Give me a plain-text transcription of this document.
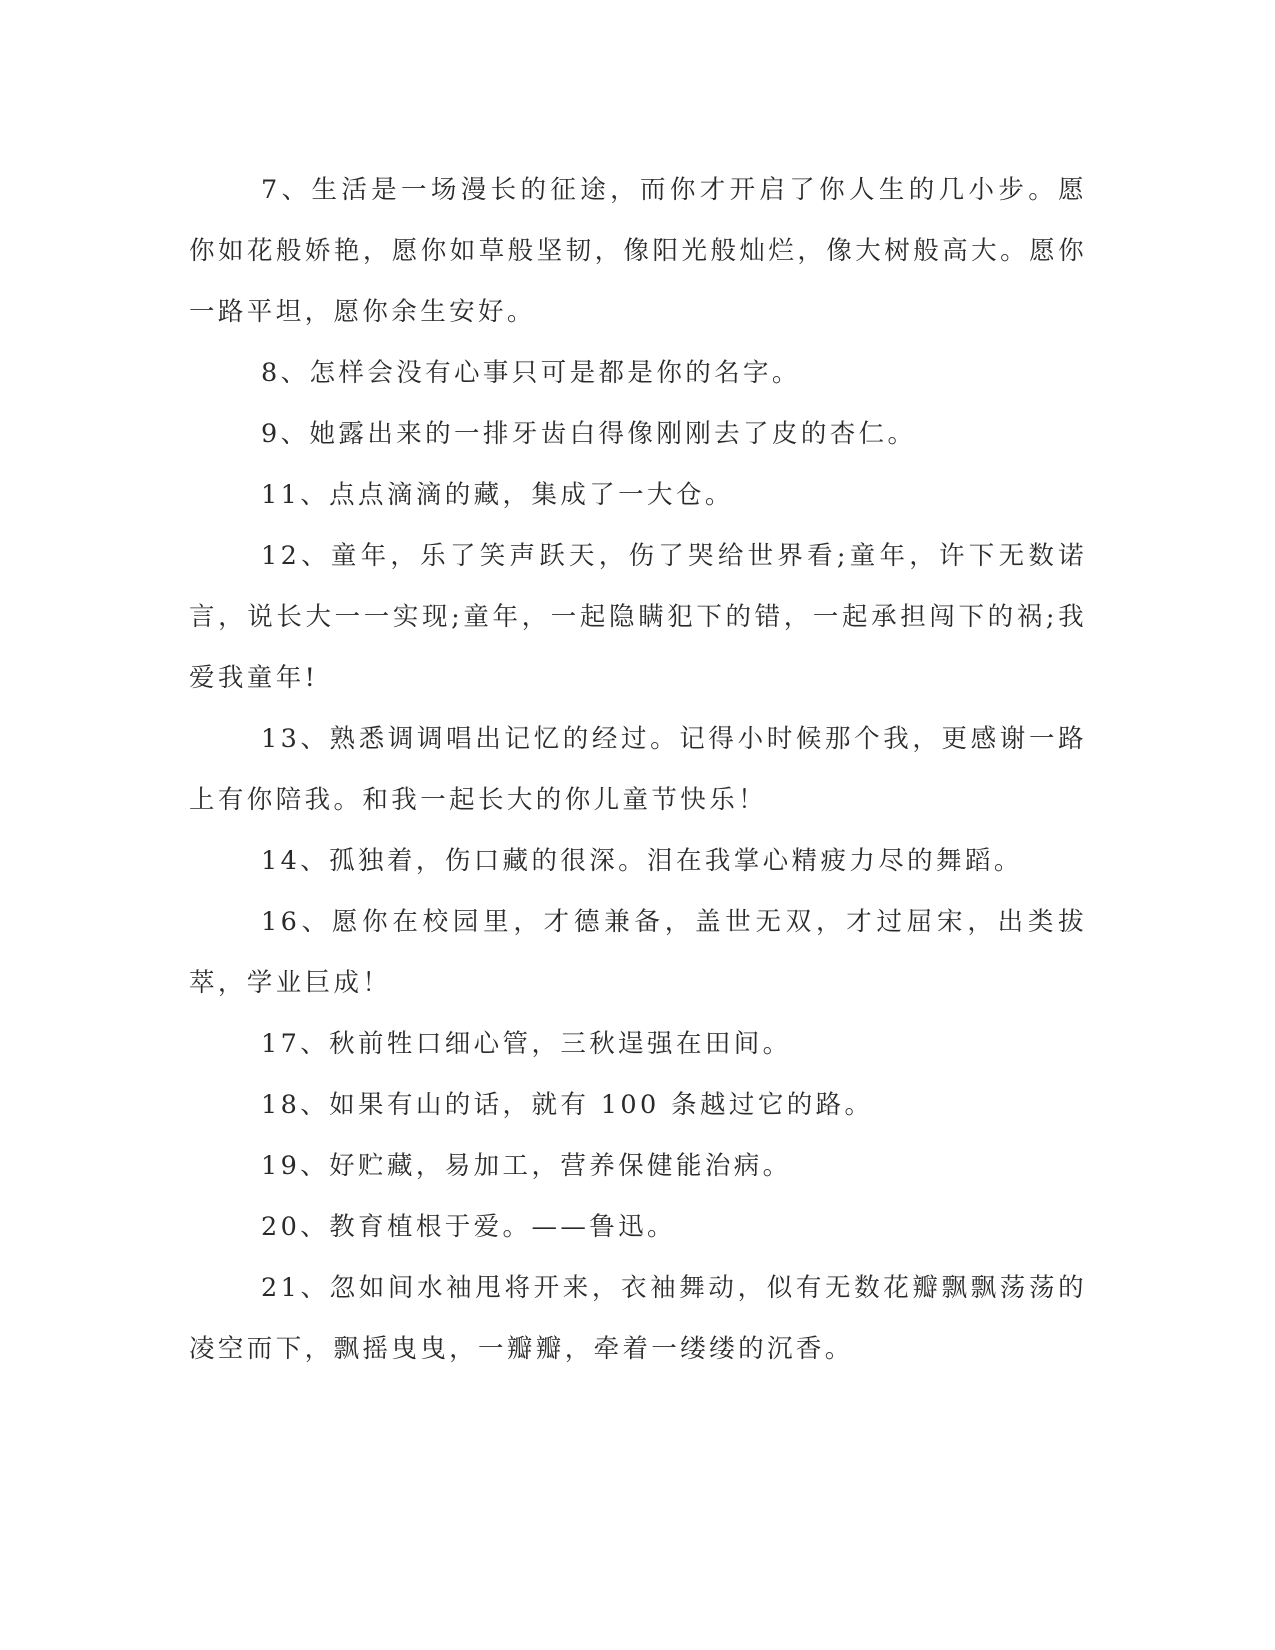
7、生活是一场漫长的征途，而你才开启了你人生的几小步。愿你如花般娇艳，愿你如草般坚韧，像阳光般灿烂，像大树般高大。愿你一路平坦，愿你余生安好。

8、怎样会没有心事只可是都是你的名字。

9、她露出来的一排牙齿白得像刚刚去了皮的杏仁。

11、点点滴滴的藏，集成了一大仓。

12、童年，乐了笑声跃天，伤了哭给世界看;童年，许下无数诺言，说长大一一实现;童年，一起隐瞒犯下的错，一起承担闯下的祸;我爱我童年!

13、熟悉调调唱出记忆的经过。记得小时候那个我，更感谢一路上有你陪我。和我一起长大的你儿童节快乐！

14、孤独着，伤口藏的很深。泪在我掌心精疲力尽的舞蹈。

16、愿你在校园里，才德兼备，盖世无双，才过屈宋，出类拔萃，学业巨成！

17、秋前牲口细心管，三秋逞强在田间。

18、如果有山的话，就有 100 条越过它的路。

19、好贮藏，易加工，营养保健能治病。

20、教育植根于爱。——鲁迅。

21、忽如间水袖甩将开来，衣袖舞动，似有无数花瓣飘飘荡荡的凌空而下，飘摇曳曳，一瓣瓣，牵着一缕缕的沉香。
